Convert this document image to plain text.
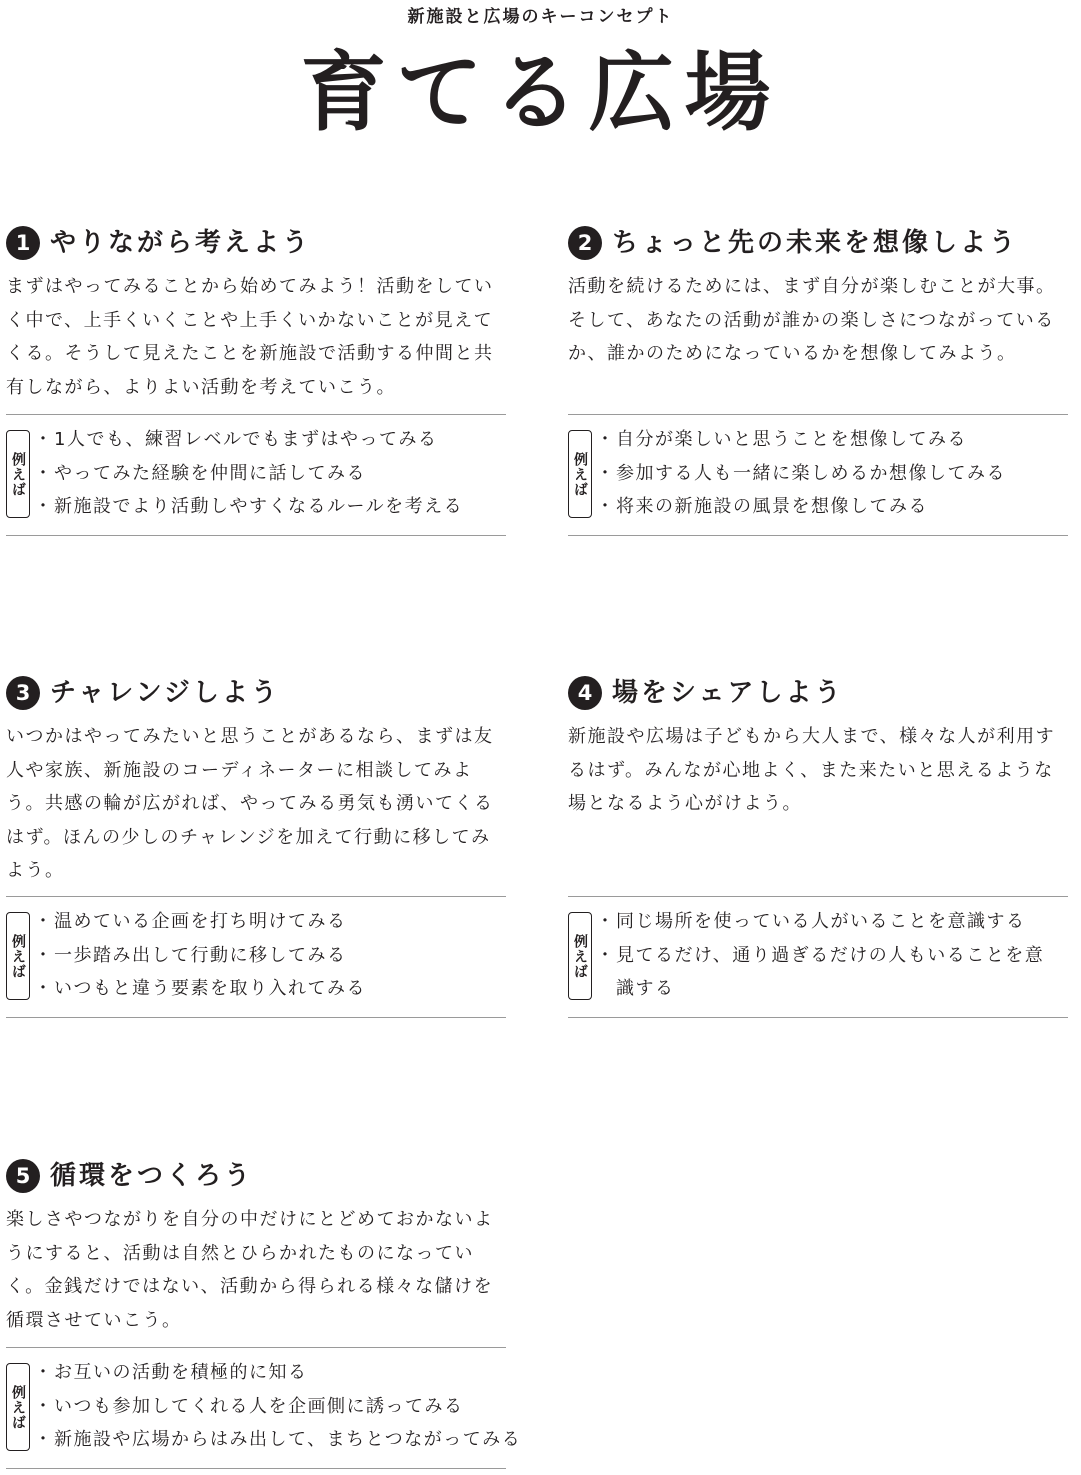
新施設と広場のキーコンセプト
育てる広場
1 やりながら考えよう
まずはやってみることから始めてみよう！活動をしていく中で、上手くいくことや上手くいかないことが見えてくる。そうして見えたことを新施設で活動する仲間と共有しながら、よりよい活動を考えていこう。
例えば
・ 1人でも、練習レベルでもまずはやってみる
・ やってみた経験を仲間に話してみる
・ 新施設でより活動しやすくなるルールを考える
2 ちょっと先の未来を想像しよう
活動を続けるためには、まず自分が楽しむことが大事。そして、あなたの活動が誰かの楽しさにつながっているか、誰かのためになっているかを想像してみよう。
例えば
・ 自分が楽しいと思うことを想像してみる
・ 参加する人も一緒に楽しめるか想像してみる
・ 将来の新施設の風景を想像してみる
3 チャレンジしよう
いつかはやってみたいと思うことがあるなら、まずは友人や家族、新施設のコーディネーターに相談してみよう。共感の輪が広がれば、やってみる勇気も湧いてくるはず。ほんの少しのチャレンジを加えて行動に移してみよう。
例えば
・ 温めている企画を打ち明けてみる
・ 一歩踏み出して行動に移してみる
・ いつもと違う要素を取り入れてみる
4 場をシェアしよう
新施設や広場は子どもから大人まで、様々な人が利用するはず。みんなが心地よく、また来たいと思えるような場となるよう心がけよう。
例えば
・ 同じ場所を使っている人がいることを意識する
・ 見てるだけ、通り過ぎるだけの人もいることを意識する
5 循環をつくろう
楽しさやつながりを自分の中だけにとどめておかないようにすると、活動は自然とひらかれたものになっていく。金銭だけではない、活動から得られる様々な儲けを循環させていこう。
例えば
・ お互いの活動を積極的に知る
・ いつも参加してくれる人を企画側に誘ってみる
・ 新施設や広場からはみ出して、まちとつながってみる
